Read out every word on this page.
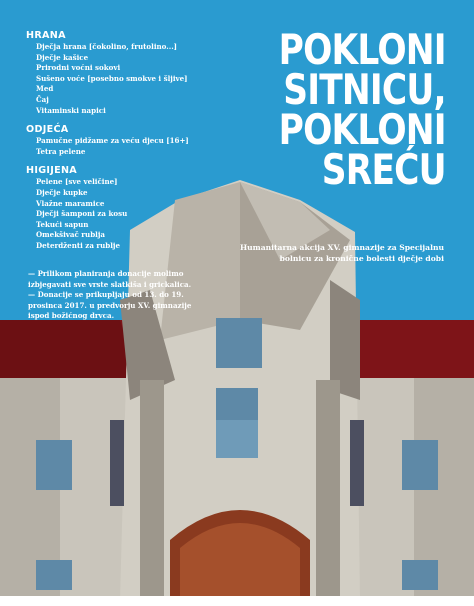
HRANA
Dječja hrana [čokolino, frutolino...]
Dječje kašice
Prirodni voćni sokovi
Sušeno voće [posebno smokve i šljive]
Med
Čaj
Vitaminski napici
ODJEĆA
Pamučne pidžame za veću djecu [16+]
Tetra pelene
HIGIJENA
Pelene [sve veličine]
Dječje kupke
Vlažne maramice
Dječji šamponi za kosu
Tekući sapun
Omekšivač rublja
Deterdženti za rublje
— Prilikom planiranja donacije molimo
izbjegavati sve vrste slatkiša i grickalica.
— Donacije se prikupljaju od 13. do 19.
prosinca 2017. u predvorju XV. gimnazije
ispod božićnog drvca.
POKLONI
SITNICU,
POKLONI
SREĆU
Humanitarna akcija XV. gimnazije za Specijalnu bolnicu za kronične bolesti dječje dobi
